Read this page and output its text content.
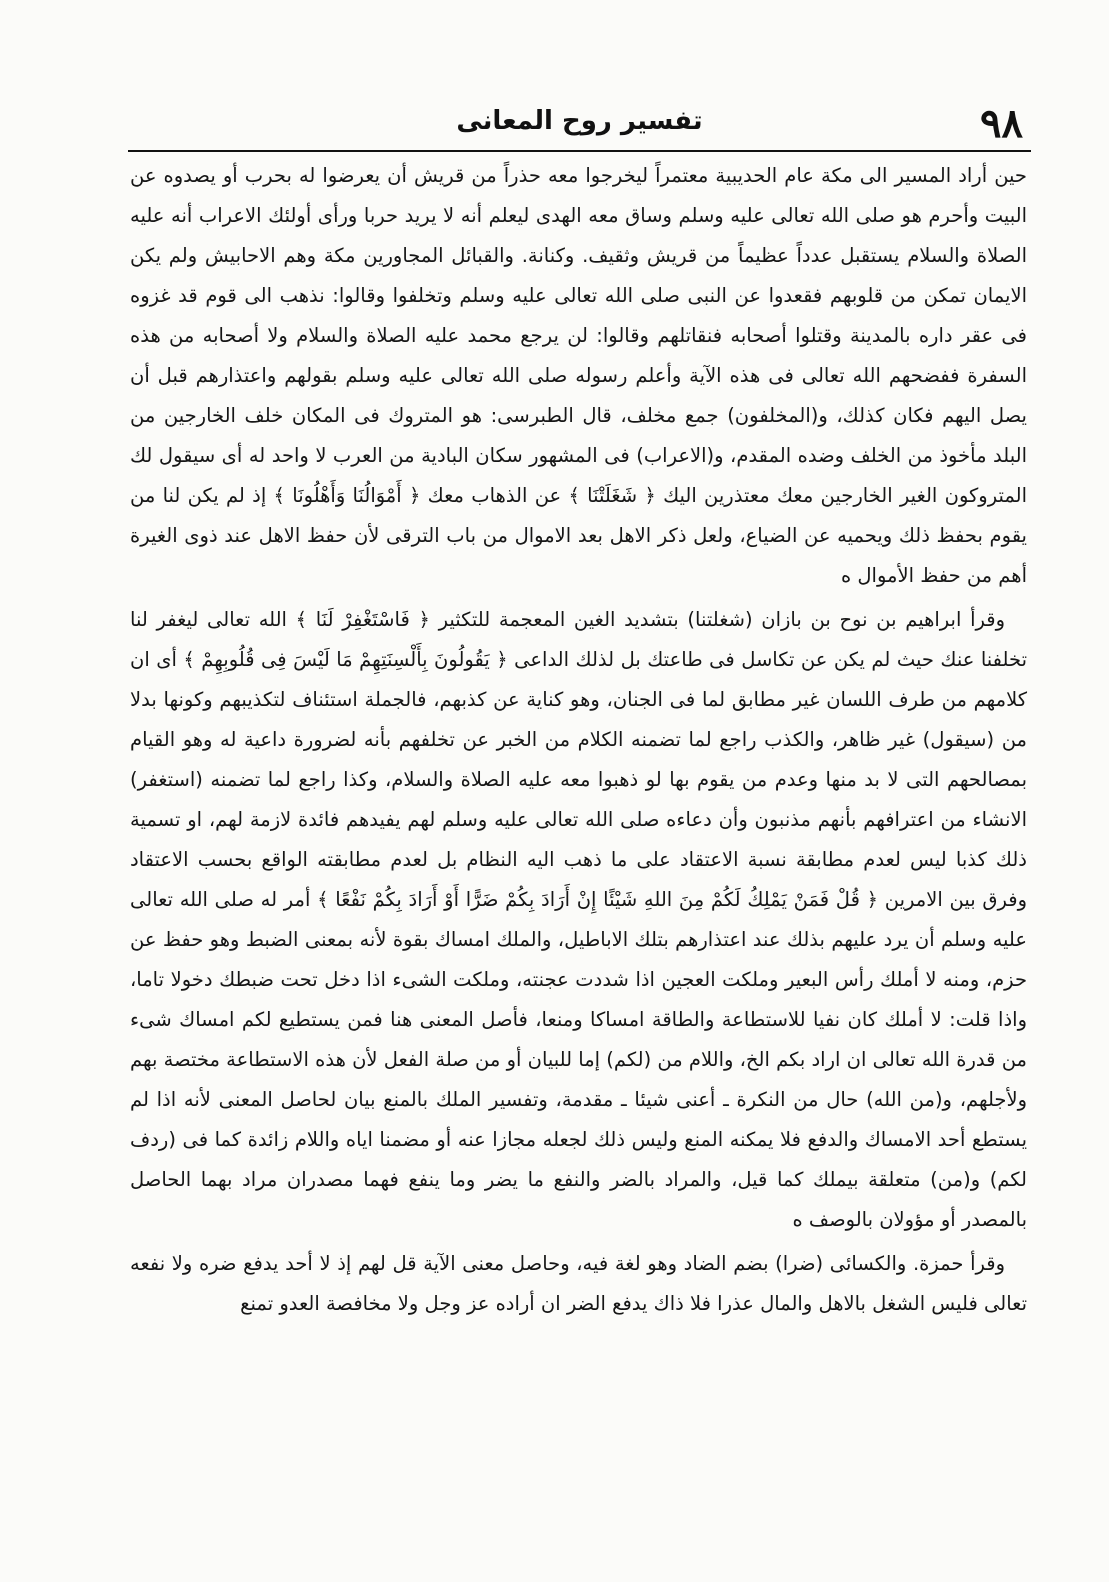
٩٨
تفسير روح المعانى

حين أراد المسير الى مكة عام الحديبية معتمراً ليخرجوا معه حذراً من قريش أن يعرضوا له بحرب أو يصدوه عن البيت وأحرم هو صلى الله تعالى عليه وسلم وساق معه الهدى ليعلم أنه لا يريد حربا ورأى أولئك الاعراب أنه عليه الصلاة والسلام يستقبل عدداً عظيماً من قريش وثقيف. وكنانة. والقبائل المجاورين مكة وهم الاحابيش ولم يكن الايمان تمكن من قلوبهم فقعدوا عن النبى صلى الله تعالى عليه وسلم وتخلفوا وقالوا: نذهب الى قوم قد غزوه فى عقر داره بالمدينة وقتلوا أصحابه فنقاتلهم وقالوا: لن يرجع محمد عليه الصلاة والسلام ولا أصحابه من هذه السفرة ففضحهم الله تعالى فى هذه الآية وأعلم رسوله صلى الله تعالى عليه وسلم بقولهم واعتذارهم قبل أن يصل اليهم فكان كذلك، و(المخلفون) جمع مخلف، قال الطبرسى: هو المتروك فى المكان خلف الخارجين من البلد مأخوذ من الخلف وضده المقدم، و(الاعراب) فى المشهور سكان البادية من العرب لا واحد له أى سيقول لك المتروكون الغير الخارجين معك معتذرين اليك ﴿ شَغَلَتْنَا ﴾ عن الذهاب معك ﴿ أَمْوَالُنَا وَأَهْلُونَا ﴾ إذ لم يكن لنا من يقوم بحفظ ذلك ويحميه عن الضياع، ولعل ذكر الاهل بعد الاموال من باب الترقى لأن حفظ الاهل عند ذوى الغيرة أهم من حفظ الأموال ه

وقرأ ابراهيم بن نوح بن بازان (شغلتنا) بتشديد الغين المعجمة للتكثير ﴿ فَاسْتَغْفِرْ لَنَا ﴾ الله تعالى ليغفر لنا تخلفنا عنك حيث لم يكن عن تكاسل فى طاعتك بل لذلك الداعى ﴿ يَقُولُونَ بِأَلْسِنَتِهِمْ مَا لَيْسَ فِى قُلُوبِهِمْ ﴾ أى ان كلامهم من طرف اللسان غير مطابق لما فى الجنان، وهو كناية عن كذبهم، فالجملة استئناف لتكذيبهم وكونها بدلا من (سيقول) غير ظاهر، والكذب راجع لما تضمنه الكلام من الخبر عن تخلفهم بأنه لضرورة داعية له وهو القيام بمصالحهم التى لا بد منها وعدم من يقوم بها لو ذهبوا معه عليه الصلاة والسلام، وكذا راجع لما تضمنه (استغفر) الانشاء من اعترافهم بأنهم مذنبون وأن دعاءه صلى الله تعالى عليه وسلم لهم يفيدهم فائدة لازمة لهم، او تسمية ذلك كذبا ليس لعدم مطابقة نسبة الاعتقاد على ما ذهب اليه النظام بل لعدم مطابقته الواقع بحسب الاعتقاد وفرق بين الامرين ﴿ قُلْ فَمَنْ يَمْلِكُ لَكُمْ مِنَ اللهِ شَيْئًا إِنْ أَرَادَ بِكُمْ ضَرًّا أَوْ أَرَادَ بِكُمْ نَفْعًا ﴾ أمر له صلى الله تعالى عليه وسلم أن يرد عليهم بذلك عند اعتذارهم بتلك الاباطيل، والملك امساك بقوة لأنه بمعنى الضبط وهو حفظ عن حزم، ومنه لا أملك رأس البعير وملكت العجين اذا شددت عجنته، وملكت الشىء اذا دخل تحت ضبطك دخولا تاما، واذا قلت: لا أملك كان نفيا للاستطاعة والطاقة امساكا ومنعا، فأصل المعنى هنا فمن يستطيع لكم امساك شىء من قدرة الله تعالى ان اراد بكم الخ، واللام من (لكم) إما للبيان أو من صلة الفعل لأن هذه الاستطاعة مختصة بهم ولأجلهم، و(من الله) حال من النكرة ـ أعنى شيئا ـ مقدمة، وتفسير الملك بالمنع بيان لحاصل المعنى لأنه اذا لم يستطع أحد الامساك والدفع فلا يمكنه المنع وليس ذلك لجعله مجازا عنه أو مضمنا اياه واللام زائدة كما فى (ردف لكم) و(من) متعلقة بيملك كما قيل، والمراد بالضر والنفع ما يضر وما ينفع فهما مصدران مراد بهما الحاصل بالمصدر أو مؤولان بالوصف ه

وقرأ حمزة. والكسائى (ضرا) بضم الضاد وهو لغة فيه، وحاصل معنى الآية قل لهم إذ لا أحد يدفع ضره ولا نفعه تعالى فليس الشغل بالاهل والمال عذرا فلا ذاك يدفع الضر ان أراده عز وجل ولا مخافصة العدو تمنع
